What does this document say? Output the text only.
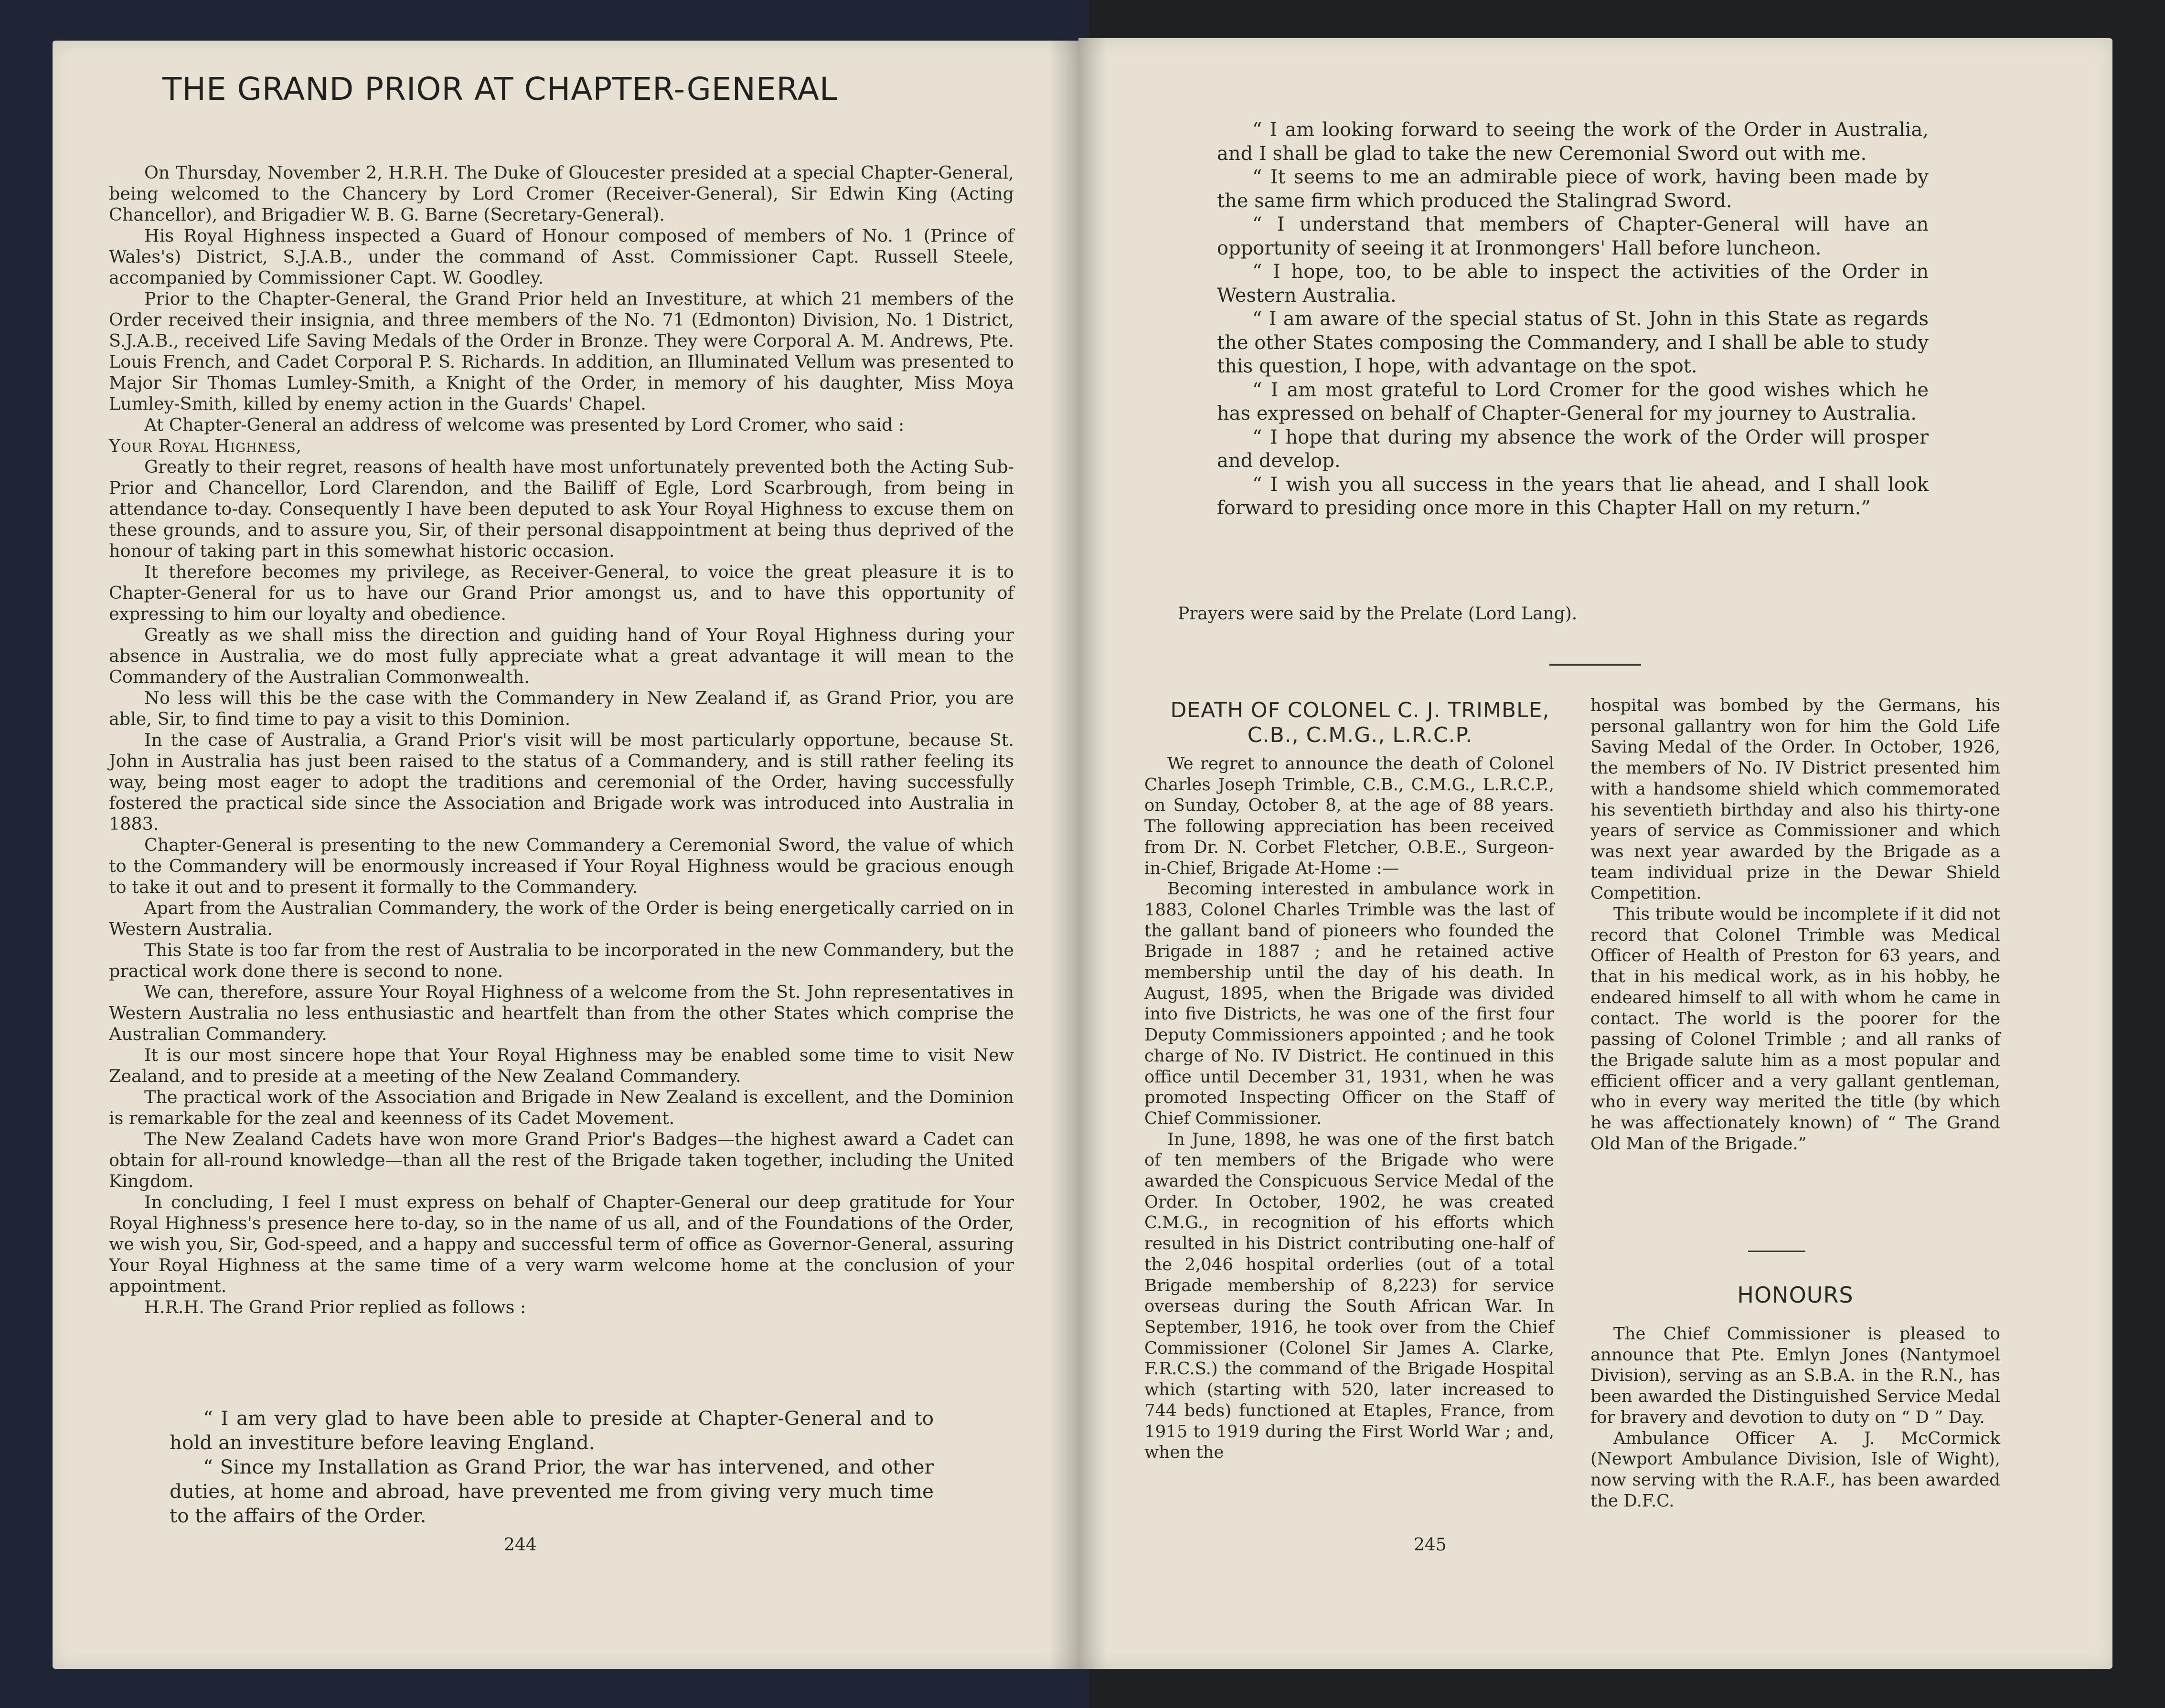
THE GRAND PRIOR AT CHAPTER-GENERAL

On Thursday, November 2, H.R.H. The Duke of Gloucester presided at a special Chapter-General, being welcomed to the Chancery by Lord Cromer (Receiver-General), Sir Edwin King (Acting Chancellor), and Brigadier W. B. G. Barne (Secretary-General).

His Royal Highness inspected a Guard of Honour composed of members of No. 1 (Prince of Wales's) District, S.J.A.B., under the command of Asst. Commissioner Capt. Russell Steele, accompanied by Commissioner Capt. W. Goodley.

Prior to the Chapter-General, the Grand Prior held an Investiture, at which 21 members of the Order received their insignia, and three members of the No. 71 (Edmonton) Division, No. 1 District, S.J.A.B., received Life Saving Medals of the Order in Bronze. They were Corporal A. M. Andrews, Pte. Louis French, and Cadet Corporal P. S. Richards. In addition, an Illuminated Vellum was presented to Major Sir Thomas Lumley-Smith, a Knight of the Order, in memory of his daughter, Miss Moya Lumley-Smith, killed by enemy action in the Guards' Chapel.

At Chapter-General an address of welcome was presented by Lord Cromer, who said :

Your Royal Highness,

Greatly to their regret, reasons of health have most unfortunately prevented both the Acting Sub-Prior and Chancellor, Lord Clarendon, and the Bailiff of Egle, Lord Scarbrough, from being in attendance to-day. Consequently I have been deputed to ask Your Royal Highness to excuse them on these grounds, and to assure you, Sir, of their personal disappointment at being thus deprived of the honour of taking part in this somewhat historic occasion.

It therefore becomes my privilege, as Receiver-General, to voice the great pleasure it is to Chapter-General for us to have our Grand Prior amongst us, and to have this opportunity of expressing to him our loyalty and obedience.

Greatly as we shall miss the direction and guiding hand of Your Royal Highness during your absence in Australia, we do most fully appreciate what a great advantage it will mean to the Commandery of the Australian Commonwealth.

No less will this be the case with the Commandery in New Zealand if, as Grand Prior, you are able, Sir, to find time to pay a visit to this Dominion.

In the case of Australia, a Grand Prior's visit will be most particularly opportune, because St. John in Australia has just been raised to the status of a Commandery, and is still rather feeling its way, being most eager to adopt the traditions and ceremonial of the Order, having successfully fostered the practical side since the Association and Brigade work was introduced into Australia in 1883.

Chapter-General is presenting to the new Commandery a Ceremonial Sword, the value of which to the Commandery will be enormously increased if Your Royal Highness would be gracious enough to take it out and to present it formally to the Commandery.

Apart from the Australian Commandery, the work of the Order is being energetically carried on in Western Australia.

This State is too far from the rest of Australia to be incorporated in the new Commandery, but the practical work done there is second to none.

We can, therefore, assure Your Royal Highness of a welcome from the St. John representatives in Western Australia no less enthusiastic and heartfelt than from the other States which comprise the Australian Commandery.

It is our most sincere hope that Your Royal Highness may be enabled some time to visit New Zealand, and to preside at a meeting of the New Zealand Commandery.

The practical work of the Association and Brigade in New Zealand is excellent, and the Dominion is remarkable for the zeal and keenness of its Cadet Movement.

The New Zealand Cadets have won more Grand Prior's Badges—the highest award a Cadet can obtain for all-round knowledge—than all the rest of the Brigade taken together, including the United Kingdom.

In concluding, I feel I must express on behalf of Chapter-General our deep gratitude for Your Royal Highness's presence here to-day, so in the name of us all, and of the Foundations of the Order, we wish you, Sir, God-speed, and a happy and successful term of office as Governor-General, assuring Your Royal Highness at the same time of a very warm welcome home at the conclusion of your appointment.

H.R.H. The Grand Prior replied as follows :

“ I am very glad to have been able to preside at Chapter-General and to hold an investiture before leaving England.

“ Since my Installation as Grand Prior, the war has intervened, and other duties, at home and abroad, have prevented me from giving very much time to the affairs of the Order.

244

“ I am looking forward to seeing the work of the Order in Australia, and I shall be glad to take the new Ceremonial Sword out with me.

“ It seems to me an admirable piece of work, having been made by the same firm which produced the Stalingrad Sword.

“ I understand that members of Chapter-General will have an opportunity of seeing it at Ironmongers' Hall before luncheon.

“ I hope, too, to be able to inspect the activities of the Order in Western Australia.

“ I am aware of the special status of St. John in this State as regards the other States composing the Commandery, and I shall be able to study this question, I hope, with advantage on the spot.

“ I am most grateful to Lord Cromer for the good wishes which he has expressed on behalf of Chapter-General for my journey to Australia.

“ I hope that during my absence the work of the Order will prosper and develop.

“ I wish you all success in the years that lie ahead, and I shall look forward to presiding once more in this Chapter Hall on my return.”

Prayers were said by the Prelate (Lord Lang).

DEATH OF COLONEL C. J. TRIMBLE, C.B., C.M.G., L.R.C.P.

We regret to announce the death of Colonel Charles Joseph Trimble, C.B., C.M.G., L.R.C.P., on Sunday, October 8, at the age of 88 years. The following appreciation has been received from Dr. N. Corbet Fletcher, O.B.E., Surgeon-in-Chief, Brigade At-Home :—

Becoming interested in ambulance work in 1883, Colonel Charles Trimble was the last of the gallant band of pioneers who founded the Brigade in 1887 ; and he retained active membership until the day of his death. In August, 1895, when the Brigade was divided into five Districts, he was one of the first four Deputy Commissioners appointed ; and he took charge of No. IV District. He continued in this office until December 31, 1931, when he was promoted Inspecting Officer on the Staff of Chief Commissioner.

In June, 1898, he was one of the first batch of ten members of the Brigade who were awarded the Conspicuous Service Medal of the Order. In October, 1902, he was created C.M.G., in recognition of his efforts which resulted in his District contributing one-half of the 2,046 hospital orderlies (out of a total Brigade membership of 8,223) for service overseas during the South African War. In September, 1916, he took over from the Chief Commissioner (Colonel Sir James A. Clarke, F.R.C.S.) the command of the Brigade Hospital which (starting with 520, later increased to 744 beds) functioned at Etaples, France, from 1915 to 1919 during the First World War ; and, when the

hospital was bombed by the Germans, his personal gallantry won for him the Gold Life Saving Medal of the Order. In October, 1926, the members of No. IV District presented him with a handsome shield which commemorated his seventieth birthday and also his thirty-one years of service as Commissioner and which was next year awarded by the Brigade as a team individual prize in the Dewar Shield Competition.

This tribute would be incomplete if it did not record that Colonel Trimble was Medical Officer of Health of Preston for 63 years, and that in his medical work, as in his hobby, he endeared himself to all with whom he came in contact. The world is the poorer for the passing of Colonel Trimble ; and all ranks of the Brigade salute him as a most popular and efficient officer and a very gallant gentleman, who in every way merited the title (by which he was affectionately known) of “ The Grand Old Man of the Brigade.”

HONOURS

The Chief Commissioner is pleased to announce that Pte. Emlyn Jones (Nantymoel Division), serving as an S.B.A. in the R.N., has been awarded the Distinguished Service Medal for bravery and devotion to duty on “ D ” Day.

Ambulance Officer A. J. McCormick (Newport Ambulance Division, Isle of Wight), now serving with the R.A.F., has been awarded the D.F.C.

245
